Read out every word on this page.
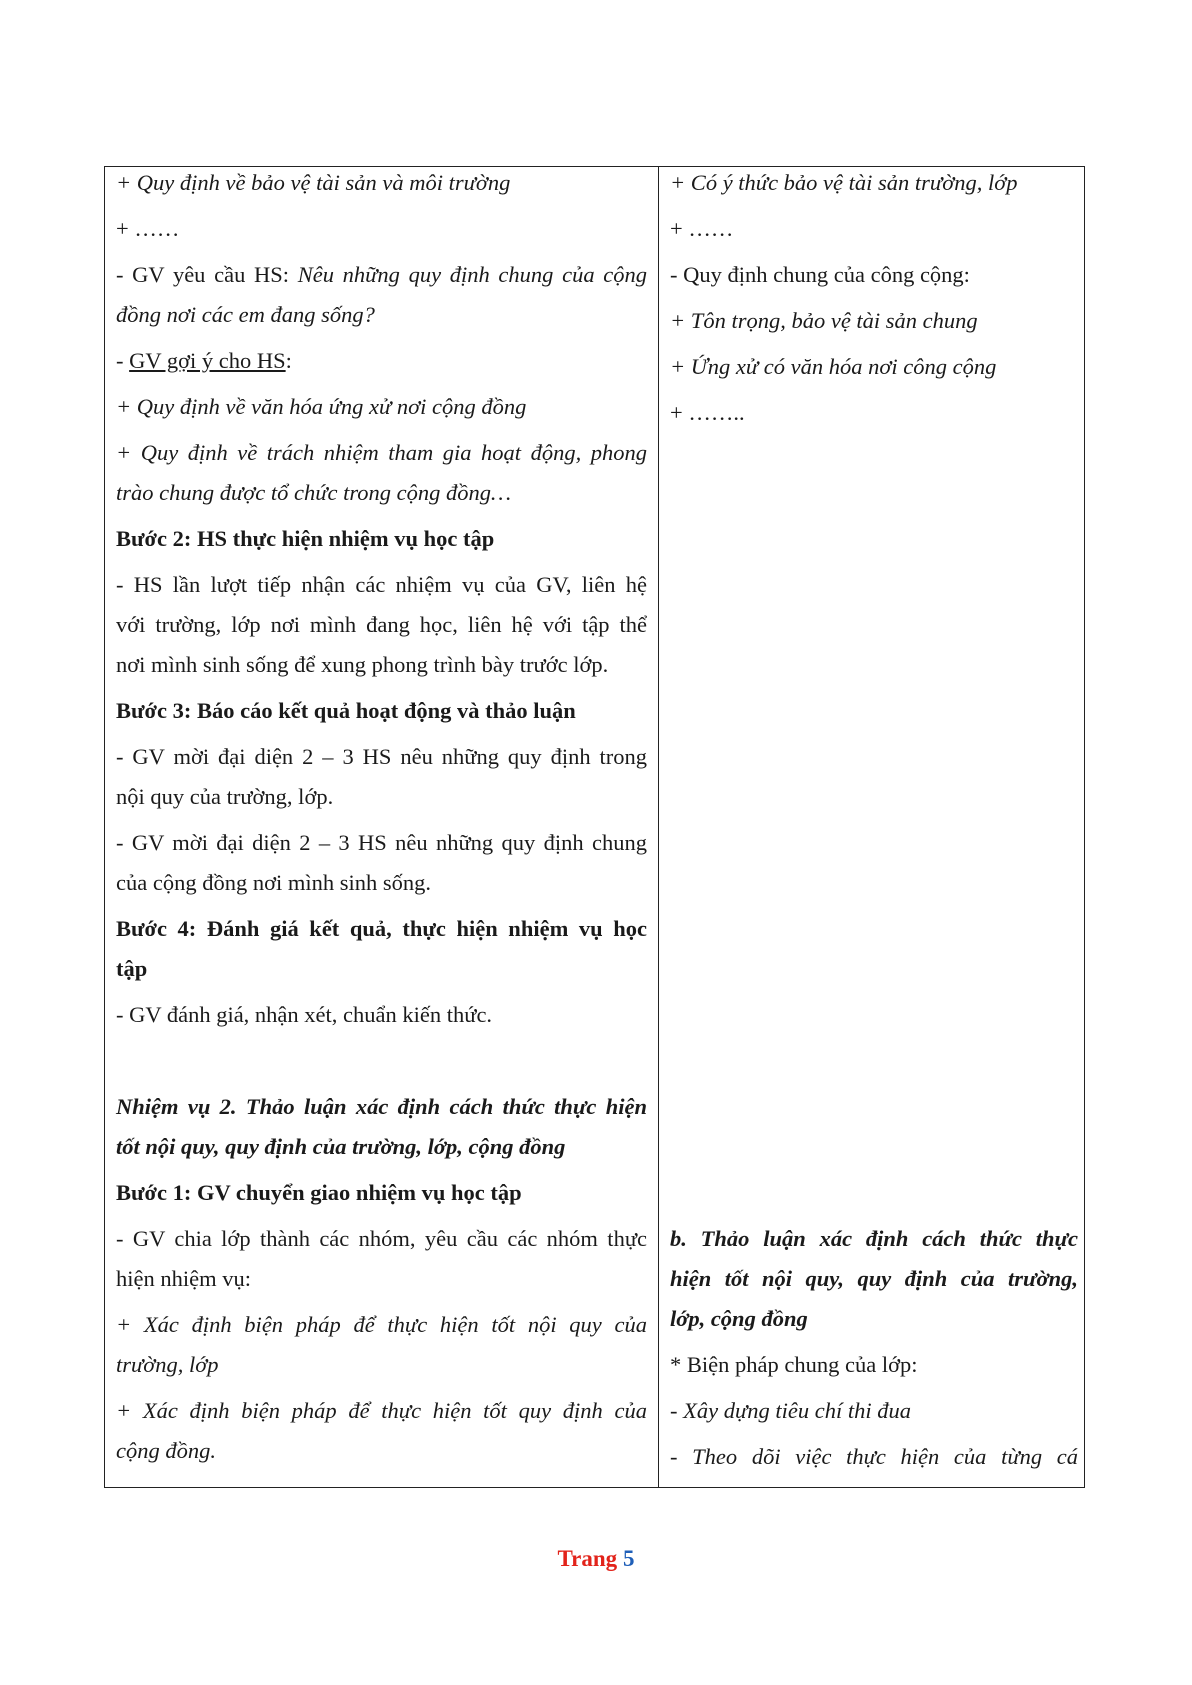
+ Quy định về bảo vệ tài sản và môi trường
+ ……
- GV yêu cầu HS: Nêu những quy định chung của cộng
đồng nơi các em đang sống?
- GV gợi ý cho HS:
+ Quy định về văn hóa ứng xử nơi cộng đồng
+ Quy định về trách nhiệm tham gia hoạt động, phong
trào chung được tổ chức trong cộng đồng…
Bước 2: HS thực hiện nhiệm vụ học tập
- HS lần lượt tiếp nhận các nhiệm vụ của GV, liên hệ
với trường, lớp nơi mình đang học, liên hệ với tập thể
nơi mình sinh sống để xung phong trình bày trước lớp.
Bước 3: Báo cáo kết quả hoạt động và thảo luận
- GV mời đại diện 2 – 3 HS nêu những quy định trong
nội quy của trường, lớp.
- GV mời đại diện 2 – 3 HS nêu những quy định chung
của cộng đồng nơi mình sinh sống.
Bước 4: Đánh giá kết quả, thực hiện nhiệm vụ học
tập
- GV đánh giá, nhận xét, chuẩn kiến thức.
Nhiệm vụ 2. Thảo luận xác định cách thức thực hiện
tốt nội quy, quy định của trường, lớp, cộng đồng
Bước 1: GV chuyển giao nhiệm vụ học tập
- GV chia lớp thành các nhóm, yêu cầu các nhóm thực
hiện nhiệm vụ:
+ Xác định biện pháp để thực hiện tốt nội quy của
trường, lớp
+ Xác định biện pháp để thực hiện tốt quy định của
cộng đồng.
+ Có ý thức bảo vệ tài sản trường, lớp
+ ……
- Quy định chung của công cộng:
+ Tôn trọng, bảo vệ tài sản chung
+ Ứng xử có văn hóa nơi công cộng
+ ……..
b. Thảo luận xác định cách thức thực
hiện tốt nội quy, quy định của trường,
lớp, cộng đồng
* Biện pháp chung của lớp:
- Xây dựng tiêu chí thi đua
- Theo dõi việc thực hiện của từng cá
Trang 5
